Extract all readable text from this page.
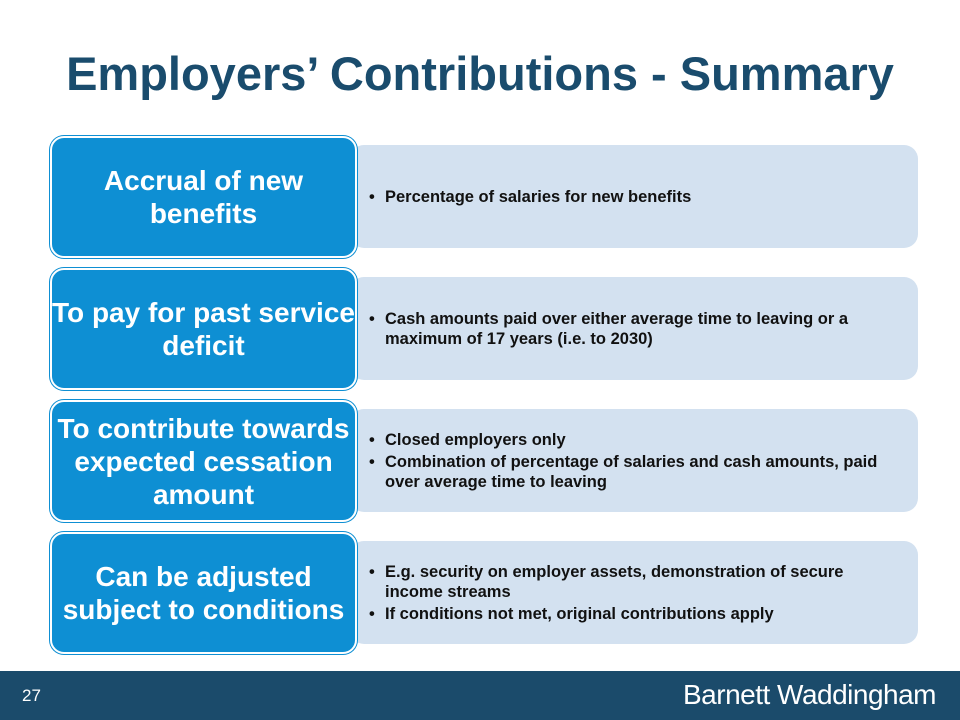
Employers’ Contributions - Summary
• Percentage of salaries for new benefits
Accrual of new benefits
• Cash amounts paid over either average time to leaving or a maximum of 17 years (i.e. to 2030)
To pay for past service deficit
• Closed employers only
• Combination of percentage of salaries and cash amounts, paid over average time to leaving
To contribute towards expected cessation amount
• E.g. security on employer assets, demonstration of secure income streams
• If conditions not met, original contributions apply
Can be adjusted subject to conditions
27	Barnett Waddingham
